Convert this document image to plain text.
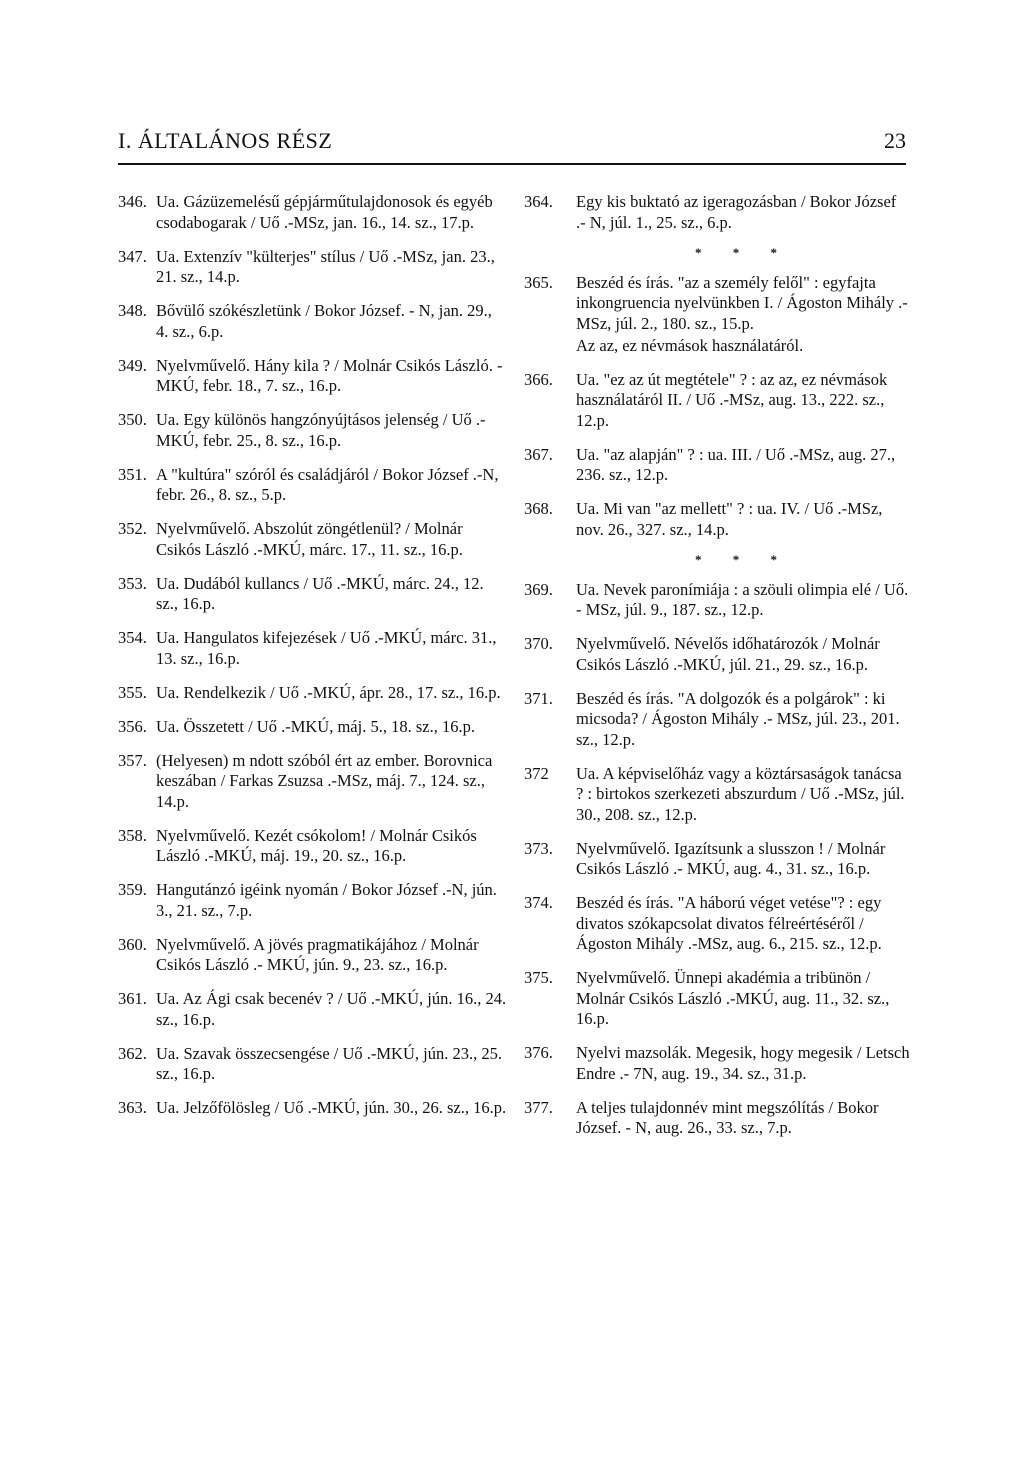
I. ÁLTALÁNOS RÉSZ	23
346. Ua. Gázüzemelésű gépjárműtulajdonosok és egyéb csodabogarak / Uő .-MSz, jan. 16., 14. sz., 17.p.
347. Ua. Extenzív "külterjes" stílus / Uő .-MSz, jan. 23., 21. sz., 14.p.
348. Bővülő szókészletünk / Bokor József. - N, jan. 29., 4. sz., 6.p.
349. Nyelvművelő. Hány kila ? / Molnár Csikós László. - MKÚ, febr. 18., 7. sz., 16.p.
350. Ua. Egy különös hangzónyújtásos jelenség / Uő .-MKÚ, febr. 25., 8. sz., 16.p.
351. A "kultúra" szóról és családjáról / Bokor József .-N, febr. 26., 8. sz., 5.p.
352. Nyelvművelő. Abszolút zöngétlenül? / Molnár Csikós László .-MKÚ, márc. 17., 11. sz., 16.p.
353. Ua. Dudából kullancs / Uő .-MKÚ, márc. 24., 12. sz., 16.p.
354. Ua. Hangulatos kifejezések / Uő .-MKÚ, márc. 31., 13. sz., 16.p.
355. Ua. Rendelkezik / Uő .-MKÚ, ápr. 28., 17. sz., 16.p.
356. Ua. Összetett / Uő .-MKÚ, máj. 5., 18. sz., 16.p.
357. (Helyesen) m ndott szóból ért az ember. Borovnica keszában / Farkas Zsuzsa .-MSz, máj. 7., 124. sz., 14.p.
358. Nyelvművelő. Kezét csókolom! / Molnár Csikós László .-MKÚ, máj. 19., 20. sz., 16.p.
359. Hangutánzó igéink nyomán / Bokor József .-N, jún. 3., 21. sz., 7.p.
360. Nyelvművelő. A jövés pragmatikájához / Molnár Csikós László .- MKÚ, jún. 9., 23. sz., 16.p.
361. Ua. Az Ági csak becenév ? / Uő .-MKÚ, jún. 16., 24. sz., 16.p.
362. Ua. Szavak összecsengése / Uő .-MKÚ, jún. 23., 25. sz., 16.p.
363. Ua. Jelzőfölösleg / Uő .-MKÚ, jún. 30., 26. sz., 16.p.
364.	Egy kis buktató az igeragozásban / Bokor József .- N, júl. 1., 25. sz., 6.p.
* * *
365.	Beszéd és írás. "az a személy felől" : egyfajta inkongruencia nyelvünkben I. / Ágoston Mihály .- MSz, júl. 2., 180. sz., 15.p.
Az az, ez névmások használatáról.
366.	Ua. "ez az út megtétele" ? : az az, ez névmások használatáról II. / Uő .-MSz, aug. 13., 222. sz., 12.p.
367.	Ua. "az alapján" ? : ua. III. / Uő .-MSz, aug. 27., 236. sz., 12.p.
368.	Ua. Mi van "az mellett" ? : ua. IV. / Uő .-MSz, nov. 26., 327. sz., 14.p.
* * *
369.	Ua. Nevek paronímiája : a szöuli olimpia elé / Uő. - MSz, júl. 9., 187. sz., 12.p.
370.	Nyelvművelő. Névelős időhatározók / Molnár Csikós László .-MKÚ, júl. 21., 29. sz., 16.p.
371.	Beszéd és írás. "A dolgozók és a polgárok" : ki micsoda? / Ágoston Mihály .- MSz, júl. 23., 201. sz., 12.p.
372	Ua. A képviselőház vagy a köztársaságok tanácsa ? : birtokos szerkezeti abszurdum / Uő .-MSz, júl. 30., 208. sz., 12.p.
373.	Nyelvművelő. Igazítsunk a slusszon ! / Molnár Csikós László .- MKÚ, aug. 4., 31. sz., 16.p.
374.	Beszéd és írás. "A háború véget vetése"? : egy divatos szókapcsolat divatos félreértéséről / Ágoston Mihály .-MSz, aug. 6., 215. sz., 12.p.
375.	Nyelvművelő. Ünnepi akadémia a tribünön / Molnár Csikós László .-MKÚ, aug. 11., 32. sz., 16.p.
376.	Nyelvi mazsolák. Megesik, hogy megesik / Letsch Endre .- 7N, aug. 19., 34. sz., 31.p.
377.	A teljes tulajdonnév mint megszólítás / Bokor József. - N, aug. 26., 33. sz., 7.p.
